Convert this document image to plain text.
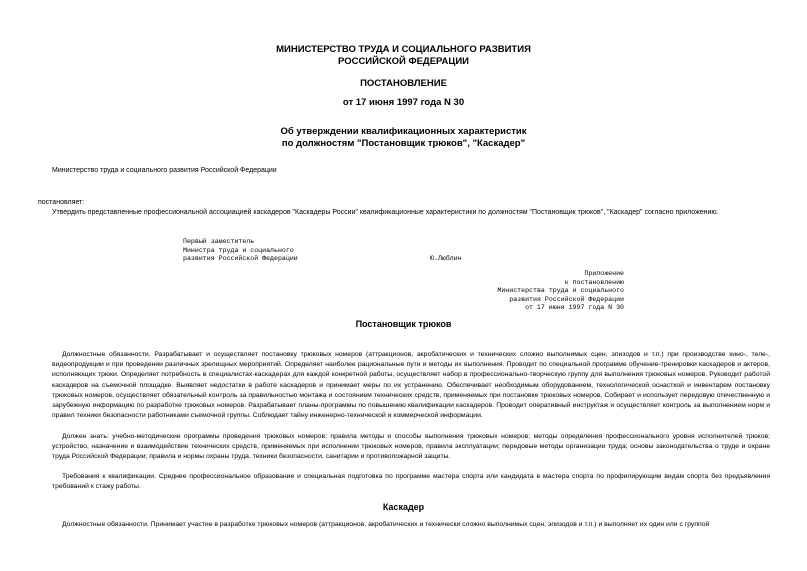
МИНИСТЕРСТВО ТРУДА И СОЦИАЛЬНОГО РАЗВИТИЯ
РОССИЙСКОЙ ФЕДЕРАЦИИ
ПОСТАНОВЛЕНИЕ
от 17 июня 1997 года N 30
Об утверждении квалификационных характеристик
по должностям "Постановщик трюков", "Каскадер"
Министерство труда и социального развития Российской Федерации
постановляет:
Утвердить представленные профессиональной ассоциацией каскадеров "Каскадеры России" квалификационные характеристики по должностям "Постановщик трюков", "Каскадер" согласно приложению.
Первый заместитель
Министра труда и социального
развития Российской Федерации	Ю.Люблин
Приложение
к постановлению
Министерства труда и социального
развития Российской Федерации
от 17 июня 1997 года N 30
Постановщик трюков
Должностные обязанности. Разрабатывает и осуществляет постановку трюковых номеров (аттракционов, акробатических и технических сложно выполнимых сцен, эпизодов и т.п.) при производстве кино-, теле-, видеопродукции и при проведении различных зрелищных мероприятий. Определяет наиболее рациональные пути и методы их выполнения. Проводит по специальной программе обучение-тренировки каскадеров и актеров, исполняющих трюки. Определяет потребность в специалистах-каскадерах для каждой конкретной работы, осуществляет набор в профессионально-творческую группу для выполнения трюковых номеров. Руководит работой каскадеров на съемочной площадке. Выявляет недостатки в работе каскадеров и принимает меры по их устранению. Обеспечивает необходимым оборудованием, технологической оснасткой и инвентарем постановку трюковых номеров, осуществляет обязательный контроль за правильностью монтажа и состоянием технических средств, применяемых при постановке трюковых номеров. Собирает и использует передовую отечественную и зарубежную информацию по разработке трюковых номеров. Разрабатывает планы-программы по повышению квалификации каскадеров. Проводит оперативный инструктаж и осуществляет контроль за выполнением норм и правил техники безопасности работниками съемочной группы. Соблюдает тайну инженерно-технической и коммерческой информации.
Должен знать: учебно-методические программы проведения трюковых номеров; правила методы и способы выполнения трюковых номеров; методы определения профессионального уровня исполнителей трюков; устройство, назначение и взаимодействие технических средств, применяемых при исполнении трюковых номеров, правила эксплуатации; передовые методы организации труда; основы законодательства о труде и охране труда Российской Федерации; правила и нормы охраны труда, техники безопасности, санитарии и противопожарной защиты.
Требования к квалификации. Среднее профессиональное образование и специальная подготовка по программе мастера спорта или кандидата в мастера спорта по профилирующим видам спорта без предъявления требований к стажу работы.
Каскадер
Должностные обязанности. Принимает участие в разработке трюковых номеров (аттракционов, акробатических и технически сложно выполнимых сцен, эпизодов и т.п.) и выполняет их один или с группой
